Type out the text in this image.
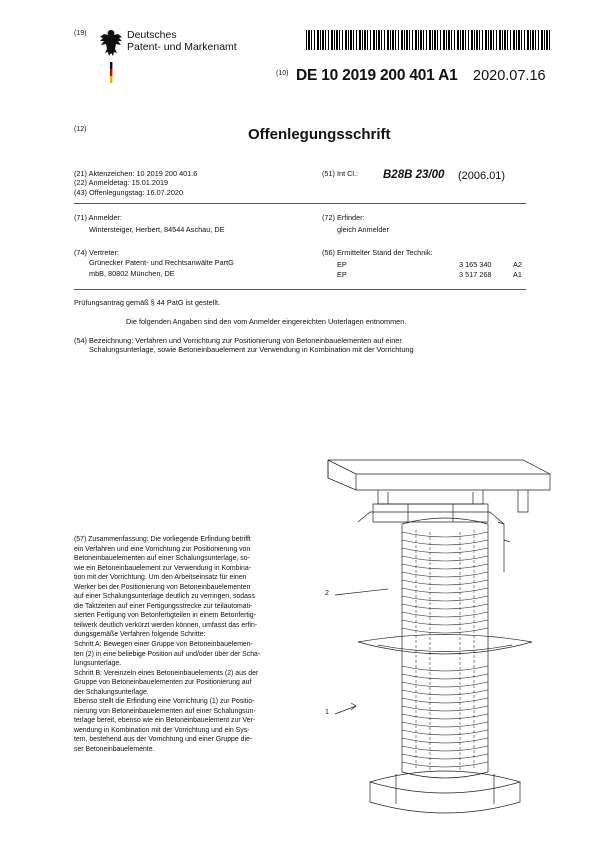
(19)	Deutsches
Patent- und Markenamt
(10) DE 10 2019 200 401 A1 2020.07.16
(12)	Offenlegungsschrift
(21) Aktenzeichen: 10 2019 200 401.6
(22) Anmeldetag: 15.01.2019
(43) Offenlegungstag: 16.07.2020
(51) Int Cl.: B28B 23/00 (2006.01)
(71) Anmelder:
Wintersteiger, Herbert, 84544 Aschau, DE
(74) Vertreter:
Grünecker Patent- und Rechtsanwälte PartG
mbB, 80802 München, DE
(72) Erfinder:
gleich Anmelder
(56) Ermittelter Stand der Technik:
EP	3 165 340	A2
EP	3 517 268	A1
Prüfungsantrag gemäß § 44 PatG ist gestellt.
Die folgenden Angaben sind den vom Anmelder eingereichten Unterlagen entnommen.
(54) Bezeichnung: Verfahren und Vorrichtung zur Positionierung von Betoneinbauelementen auf einer
Schalungsunterlage, sowie Betoneinbauelement zur Verwendung in Kombination mit der Vorrichtung

(57) Zusammenfassung: Die vorliegende Erfindung betrifft

ein Verfahren und eine Vorrichtung zur Positionierung von

Betoneinbauelementen auf einer Schalungsunterlage, so-

wie ein Betoneinbauelement zur Verwendung in Kombina-

tion mit der Vorrichtung. Um den Arbeitseinsatz für einen

Werker bei der Positionierung von Betoneinbauelementen

auf einer Schalungsunterlage deutlich zu verringen, sodass

die Taktzeiten auf einer Fertigungsstrecke zur teilautomati-

sierten Fertigung von Betonfertigteilen in einem Betonfertig-

teilwerk deutlich verkürzt werden können, umfasst das erfin-

dungsgemäße Verfahren folgende Schritte:

Schritt A: Bewegen einer Gruppe von Betoneinbauelemen-

ten (2) in eine beliebige Position auf und/oder über der Scha-

lungsunterlage.

Schritt B: Vereinzeln eines Betoneinbauelements (2) aus der

Gruppe von Betoneinbauelementen zur Positionierung auf

der Schalungsunterlage.

Ebenso stellt die Erfindung eine Vorrichtung (1) zur Positio-

nierung von Betoneinbauelementen auf einer Schalungsun-

terlage bereit, ebenso wie ein Betoneinbauelement zur Ver-

wendung in Kombination mit der Vorrichtung und ein Sys-

tem, bestehend aus der Vorrichtung und einer Gruppe die-

ser Betoneinbauelemente.

2
1
